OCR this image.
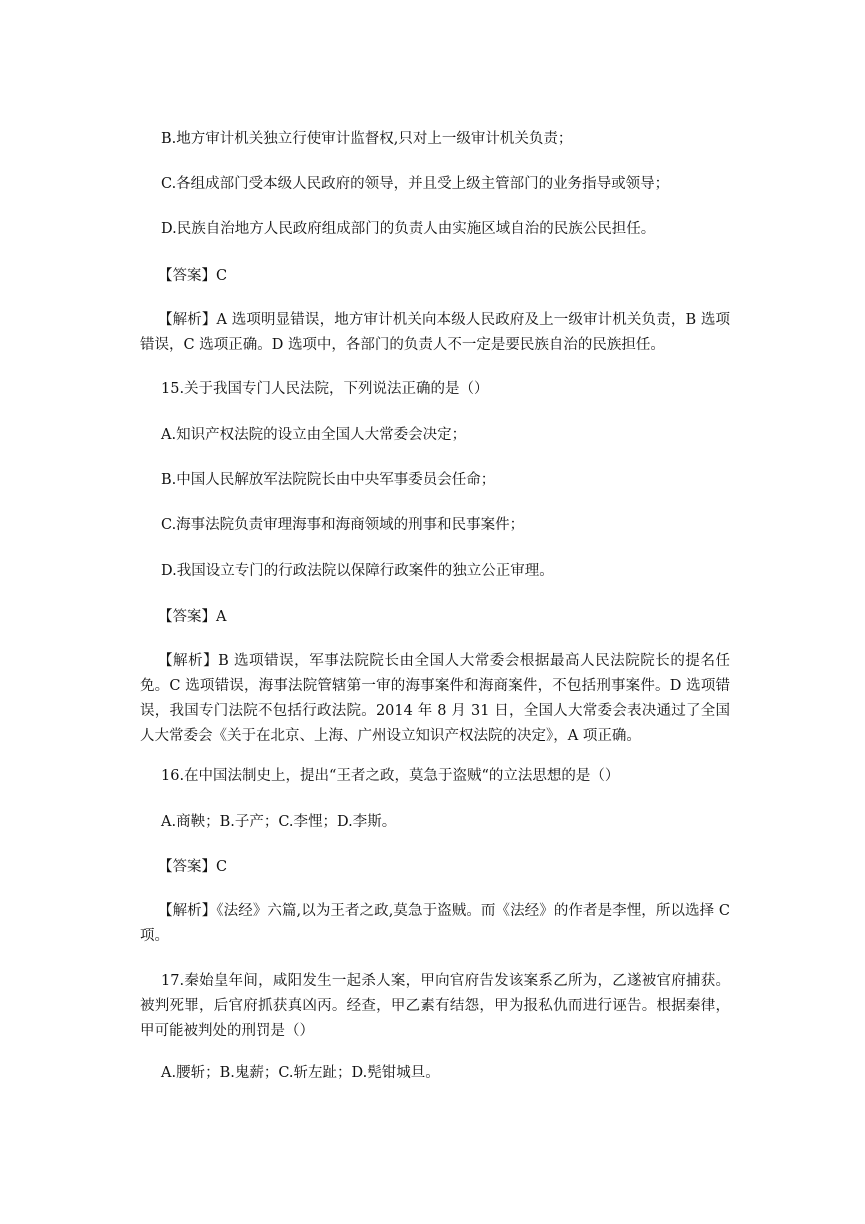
B.地方审计机关独立行使审计监督权,只对上一级审计机关负责；
C.各组成部门受本级人民政府的领导，并且受上级主管部门的业务指导或领导；
D.民族自治地方人民政府组成部门的负责人由实施区域自治的民族公民担任。
【答案】C
【解析】A 选项明显错误，地方审计机关向本级人民政府及上一级审计机关负责，B 选项错误，C 选项正确。D 选项中，各部门的负责人不一定是要民族自治的民族担任。
15.关于我国专门人民法院，下列说法正确的是（）
A.知识产权法院的设立由全国人大常委会决定；
B.中国人民解放军法院院长由中央军事委员会任命；
C.海事法院负责审理海事和海商领域的刑事和民事案件；
D.我国设立专门的行政法院以保障行政案件的独立公正审理。
【答案】A
【解析】B 选项错误，军事法院院长由全国人大常委会根据最高人民法院院长的提名任免。C 选项错误，海事法院管辖第一审的海事案件和海商案件，不包括刑事案件。D 选项错误，我国专门法院不包括行政法院。2014 年 8 月 31 日，全国人大常委会表决通过了全国人大常委会《关于在北京、上海、广州设立知识产权法院的决定》，A 项正确。
16.在中国法制史上，提出“王者之政，莫急于盗贼“的立法思想的是（）
A.商鞅；B.子产；C.李悝；D.李斯。
【答案】C
【解析】《法经》六篇,以为王者之政,莫急于盗贼。而《法经》的作者是李悝，所以选择 C 项。
17.秦始皇年间，咸阳发生一起杀人案，甲向官府告发该案系乙所为，乙遂被官府捕获。被判死罪，后官府抓获真凶丙。经查，甲乙素有结怨，甲为报私仇而进行诬告。根据秦律，甲可能被判处的刑罚是（）
A.腰斩；B.鬼薪；C.斩左趾；D.髡钳城旦。
